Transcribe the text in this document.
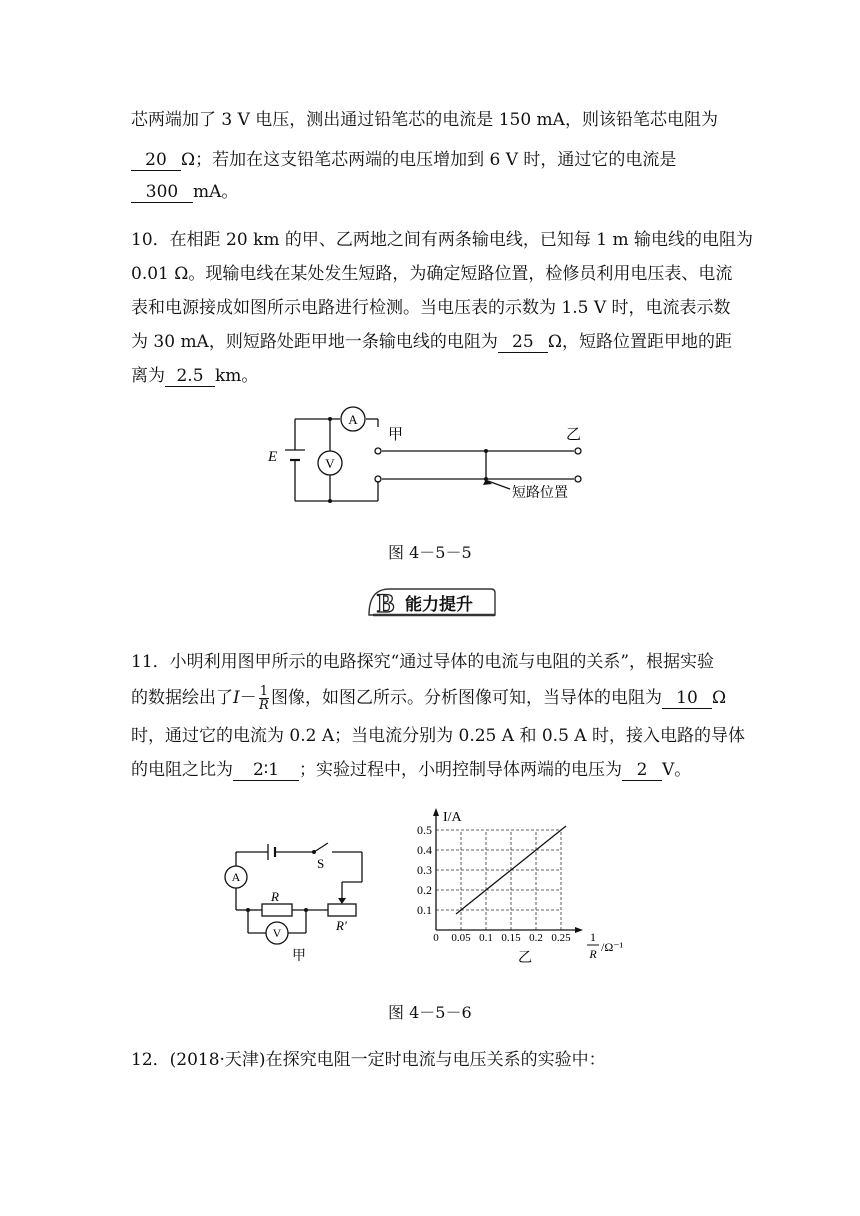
芯两端加了 3 V 电压，测出通过铅笔芯的电流是 150 mA，则该铅笔芯电阻为
20 Ω；若加在这支铅笔芯两端的电压增加到 6 V 时，通过它的电流是
300 mA。
10．在相距 20 km 的甲、乙两地之间有两条输电线，已知每 1 m 输电线的电阻为
0.01 Ω。现输电线在某处发生短路，为确定短路位置，检修员利用电压表、电流
表和电源接成如图所示电路进行检测。当电压表的示数为 1.5 V 时，电流表示数
为 30 mA，则短路处距甲地一条输电线的电阻为 25 Ω，短路位置距甲地的距
离为 2.5 km。
E
A
V
甲	乙
短路位置
图 4－5－5
B 能力提升
11．小明利用图甲所示的电路探究“通过导体的电流与电阻的关系”，根据实验
的数据绘出了$I- \frac{1}{R}$ 图像，如图乙所示。分析图像可知，当导体的电阻为 10 Ω
时，通过它的电流为 0.2 A；当电流分别为 0.25 A 和 0.5 A 时，接入电路的导体
的电阻之比为 2∶1 ；实验过程中，小明控制导体两端的电压为 2 V。
S
A
R
R′
V
甲
0.05 0.1 0.15 0.2 0.25
0.1
0.2
0.3
0.4
0.5
I/A
0	1
R /Ω⁻¹
乙
图 4－5－6
12．(2018·天津)在探究电阻一定时电流与电压关系的实验中：
